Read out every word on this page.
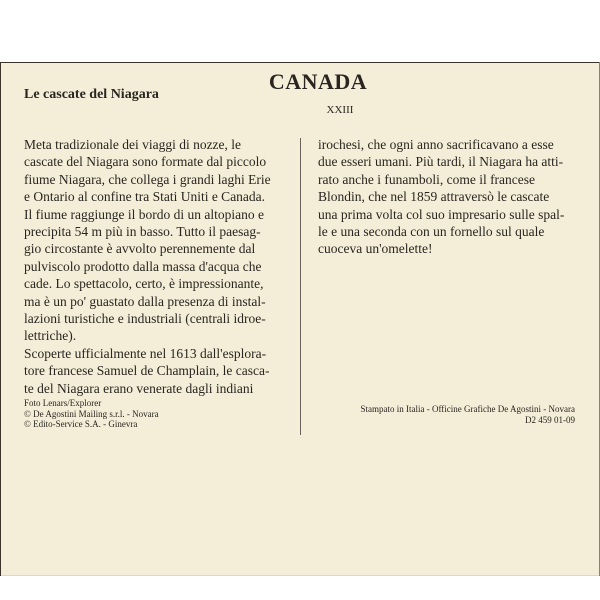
CANADA
Le cascate del Niagara
XXIII
Meta tradizionale dei viaggi di nozze, le
cascate del Niagara sono formate dal piccolo
fiume Niagara, che collega i grandi laghi Erie
e Ontario al confine tra Stati Uniti e Canada.
Il fiume raggiunge il bordo di un altopiano e
precipita 54 m più in basso. Tutto il paesag-
gio circostante è avvolto perennemente dal
pulviscolo prodotto dalla massa d'acqua che
cade. Lo spettacolo, certo, è impressionante,
ma è un po' guastato dalla presenza di instal-
lazioni turistiche e industriali (centrali idroe-
lettriche).
Scoperte ufficialmente nel 1613 dall'esplora-
tore francese Samuel de Champlain, le casca-
te del Niagara erano venerate dagli indiani
irochesi, che ogni anno sacrificavano a esse
due esseri umani. Più tardi, il Niagara ha atti-
rato anche i funamboli, come il francese
Blondin, che nel 1859 attraversò le cascate
una prima volta col suo impresario sulle spal-
le e una seconda con un fornello sul quale
cuoceva un'omelette!
Foto Lenars/Explorer
© De Agostini Mailing s.r.l. - Novara
© Edito-Service S.A. - Ginevra
Stampato in Italia - Officine Grafiche De Agostini - Novara
D2 459 01-09
